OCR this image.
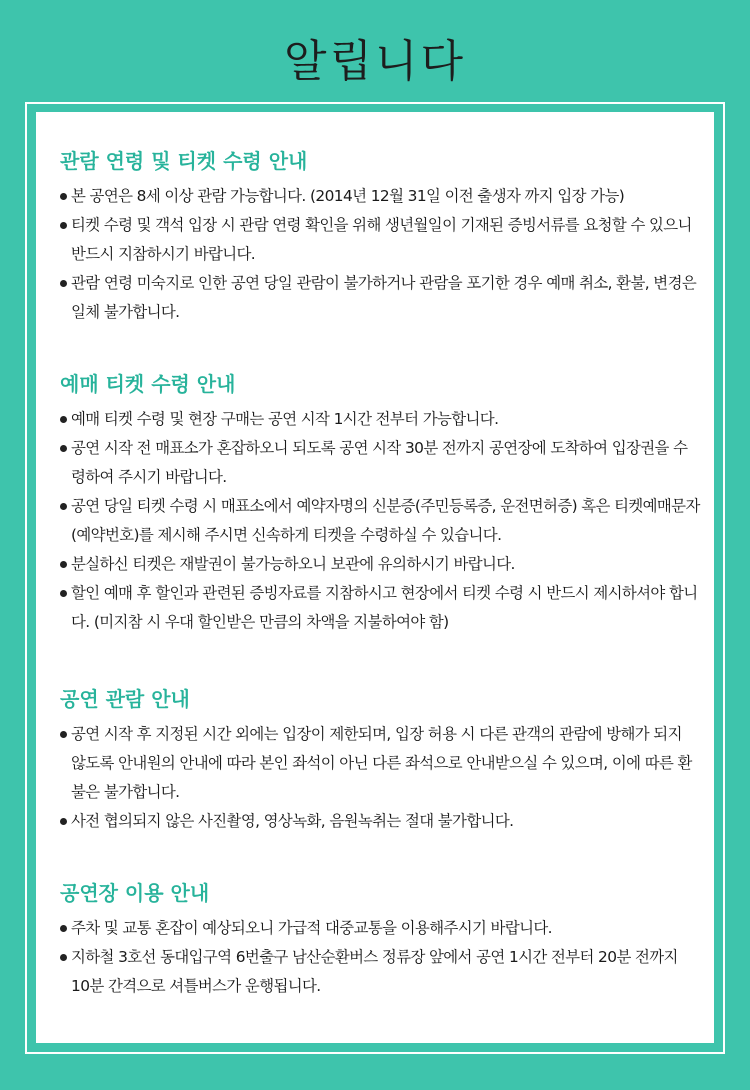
알립니다
관람 연령 및 티켓 수령 안내
본 공연은 8세 이상 관람 가능합니다. (2014년 12월 31일 이전 출생자 까지 입장 가능)
티켓 수령 및 객석 입장 시 관람 연령 확인을 위해 생년월일이 기재된 증빙서류를 요청할 수 있으니 반드시 지참하시기 바랍니다.
관람 연령 미숙지로 인한 공연 당일 관람이 불가하거나 관람을 포기한 경우 예매 취소, 환불, 변경은 일체 불가합니다.
예매 티켓 수령 안내
예매 티켓 수령 및 현장 구매는 공연 시작 1시간 전부터 가능합니다.
공연 시작 전 매표소가 혼잡하오니 되도록 공연 시작 30분 전까지 공연장에 도착하여 입장권을 수령하여 주시기 바랍니다.
공연 당일 티켓 수령 시 매표소에서 예약자명의 신분증(주민등록증, 운전면허증) 혹은 티켓예매문자(예약번호)를 제시해 주시면 신속하게 티켓을 수령하실 수 있습니다.
분실하신 티켓은 재발권이 불가능하오니 보관에 유의하시기 바랍니다.
할인 예매 후 할인과 관련된 증빙자료를 지참하시고 현장에서 티켓 수령 시 반드시 제시하셔야 합니다. (미지참 시 우대 할인받은 만큼의 차액을 지불하여야 함)
공연 관람 안내
공연 시작 후 지정된 시간 외에는 입장이 제한되며, 입장 허용 시 다른 관객의 관람에 방해가 되지 않도록 안내원의 안내에 따라 본인 좌석이 아닌 다른 좌석으로 안내받으실 수 있으며, 이에 따른 환불은 불가합니다.
사전 협의되지 않은 사진촬영, 영상녹화, 음원녹취는 절대 불가합니다.
공연장 이용 안내
주차 및 교통 혼잡이 예상되오니 가급적 대중교통을 이용해주시기 바랍니다.
지하철 3호선 동대입구역 6번출구 남산순환버스 정류장 앞에서 공연 1시간 전부터 20분 전까지 10분 간격으로 셔틀버스가 운행됩니다.
